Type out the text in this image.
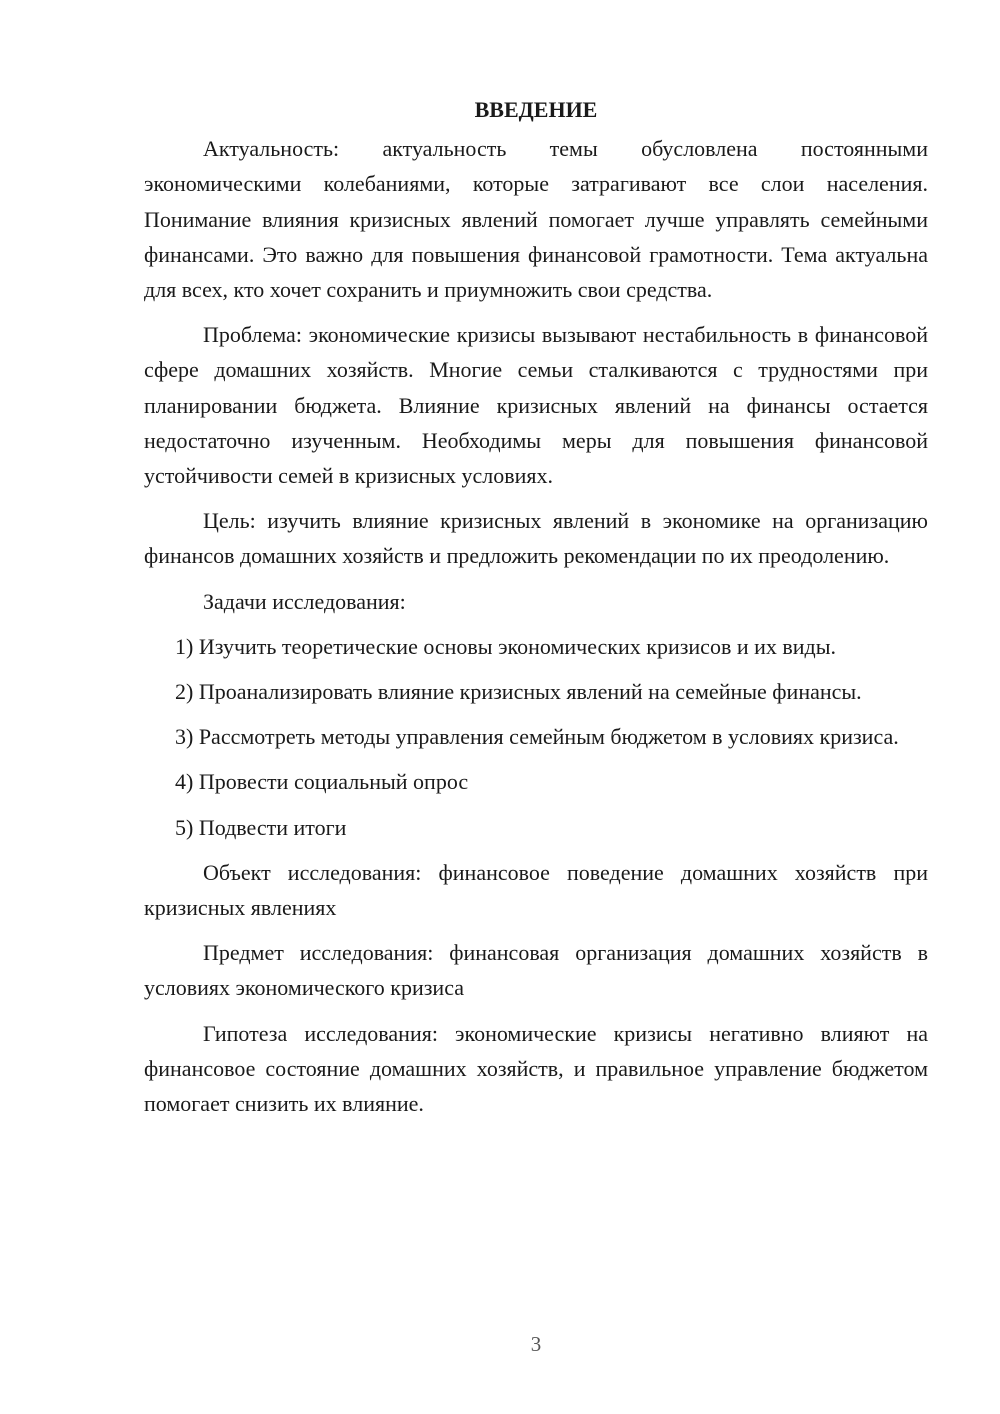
ВВЕДЕНИЕ

Актуальность: актуальность темы обусловлена постоянными экономическими колебаниями, которые затрагивают все слои населения. Понимание влияния кризисных явлений помогает лучше управлять семейными финансами. Это важно для повышения финансовой грамотности. Тема актуальна для всех, кто хочет сохранить и приумножить свои средства.

Проблема: экономические кризисы вызывают нестабильность в финансовой сфере домашних хозяйств. Многие семьи сталкиваются с трудностями при планировании бюджета. Влияние кризисных явлений на финансы остается недостаточно изученным. Необходимы меры для повышения финансовой устойчивости семей в кризисных условиях.

Цель: изучить влияние кризисных явлений в экономике на организацию финансов домашних хозяйств и предложить рекомендации по их преодолению.

Задачи исследования:

1) Изучить теоретические основы экономических кризисов и их виды.

2) Проанализировать влияние кризисных явлений на семейные финансы.

3) Рассмотреть методы управления семейным бюджетом в условиях кризиса.

4) Провести социальный опрос

5) Подвести итоги

Объект исследования: финансовое поведение домашних хозяйств при кризисных явлениях

Предмет исследования: финансовая организация домашних хозяйств в условиях экономического кризиса

Гипотеза исследования: экономические кризисы негативно влияют на финансовое состояние домашних хозяйств, и правильное управление бюджетом помогает снизить их влияние.

3
